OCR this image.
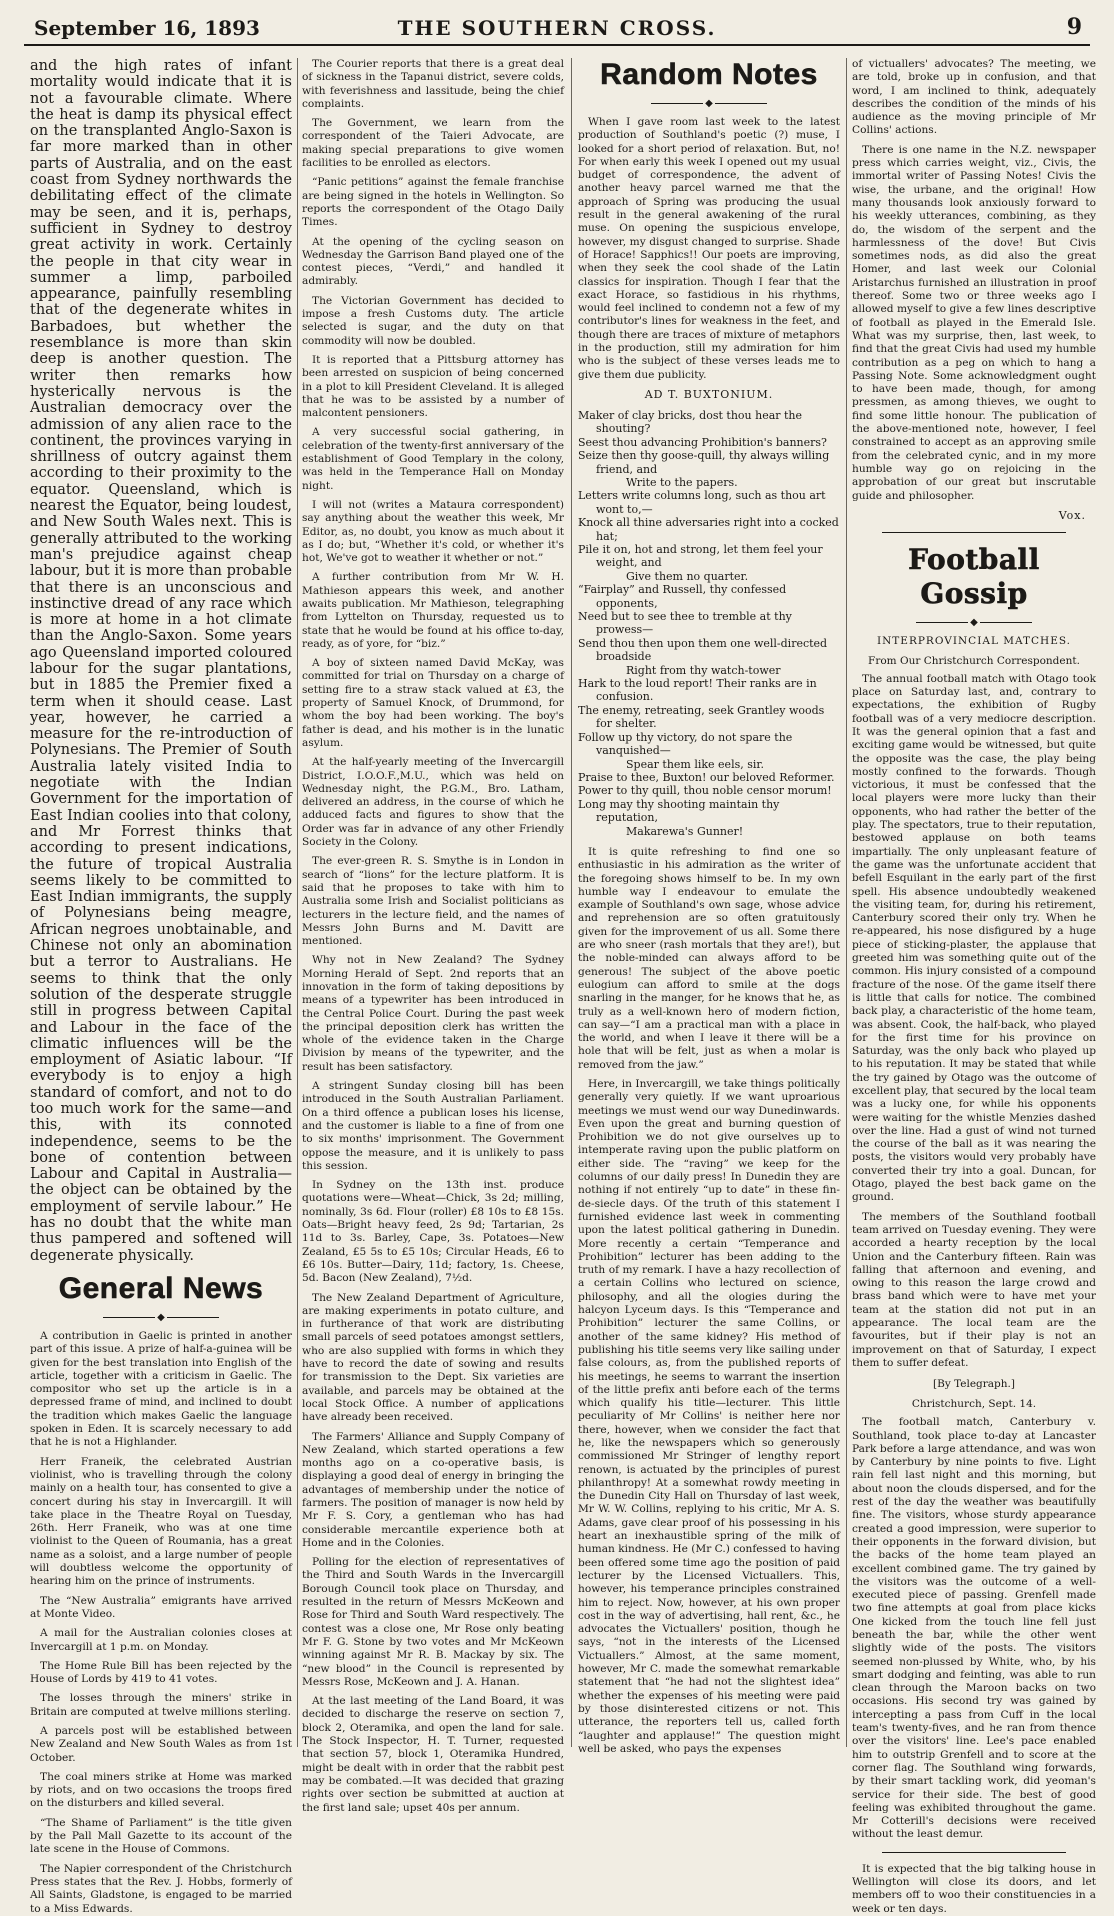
September 16, 1893	THE SOUTHERN CROSS.	9

and the high rates of infant mortality would indicate that it is not a favourable climate. Where the heat is damp its physical effect on the transplanted Anglo-Saxon is far more marked than in other parts of Australia, and on the east coast from Sydney northwards the debilitating effect of the climate may be seen, and it is, perhaps, sufficient in Sydney to destroy great activity in work. Certainly the people in that city wear in summer a limp, parboiled appearance, painfully resembling that of the degenerate whites in Barbadoes, but whether the resemblance is more than skin deep is another question. The writer then remarks how hysterically nervous is the Australian democracy over the admission of any alien race to the continent, the provinces varying in shrillness of outcry against them according to their proximity to the equator. Queensland, which is nearest the Equator, being loudest, and New South Wales next. This is generally attributed to the working man's prejudice against cheap labour, but it is more than probable that there is an unconscious and instinctive dread of any race which is more at home in a hot climate than the Anglo-Saxon. Some years ago Queensland imported coloured labour for the sugar plantations, but in 1885 the Premier fixed a term when it should cease. Last year, however, he carried a measure for the re-introduction of Polynesians. The Premier of South Australia lately visited India to negotiate with the Indian Government for the importation of East Indian coolies into that colony, and Mr Forrest thinks that according to present indications, the future of tropical Australia seems likely to be committed to East Indian immigrants, the supply of Polynesians being meagre, African negroes unobtainable, and Chinese not only an abomination but a terror to Australians. He seems to think that the only solution of the desperate struggle still in progress between Capital and Labour in the face of the climatic influences will be the employment of Asiatic labour. “If everybody is to enjoy a high standard of comfort, and not to do too much work for the same—and this, with its connoted independence, seems to be the bone of contention between Labour and Capital in Australia—the object can be obtained by the employment of servile labour.” He has no doubt that the white man thus pampered and softened will degenerate physically.

General News
◆

A contribution in Gaelic is printed in another part of this issue. A prize of half-a-guinea will be given for the best translation into English of the article, together with a criticism in Gaelic. The compositor who set up the article is in a depressed frame of mind, and inclined to doubt the tradition which makes Gaelic the language spoken in Eden. It is scarcely necessary to add that he is not a Highlander.

Herr Franeik, the celebrated Austrian violinist, who is travelling through the colony mainly on a health tour, has consented to give a concert during his stay in Invercargill. It will take place in the Theatre Royal on Tuesday, 26th. Herr Franeik, who was at one time violinist to the Queen of Roumania, has a great name as a soloist, and a large number of people will doubtless welcome the opportunity of hearing him on the prince of instruments.

The “New Australia” emigrants have arrived at Monte Video.

A mail for the Australian colonies closes at Invercargill at 1 p.m. on Monday.

The Home Rule Bill has been rejected by the House of Lords by 419 to 41 votes.

The losses through the miners' strike in Britain are computed at twelve millions sterling.

A parcels post will be established between New Zealand and New South Wales as from 1st October.

The coal miners strike at Home was marked by riots, and on two occasions the troops fired on the disturbers and killed several.

“The Shame of Parliament” is the title given by the Pall Mall Gazette to its account of the late scene in the House of Commons.

The Napier correspondent of the Christchurch Press states that the Rev. J. Hobbs, formerly of All Saints, Gladstone, is engaged to be married to a Miss Edwards.

The Courier reports that there is a great deal of sickness in the Tapanui district, severe colds, with feverishness and lassitude, being the chief complaints.

The Government, we learn from the correspondent of the Taieri Advocate, are making special preparations to give women facilities to be enrolled as electors.

“Panic petitions” against the female franchise are being signed in the hotels in Wellington. So reports the correspondent of the Otago Daily Times.

At the opening of the cycling season on Wednesday the Garrison Band played one of the contest pieces, “Verdi,” and handled it admirably.

The Victorian Government has decided to impose a fresh Customs duty. The article selected is sugar, and the duty on that commodity will now be doubled.

It is reported that a Pittsburg attorney has been arrested on suspicion of being concerned in a plot to kill President Cleveland. It is alleged that he was to be assisted by a number of malcontent pensioners.

A very successful social gathering, in celebration of the twenty-first anniversary of the establishment of Good Templary in the colony, was held in the Temperance Hall on Monday night.

I will not (writes a Mataura correspondent) say anything about the weather this week, Mr Editor, as, no doubt, you know as much about it as I do; but, “Whether it's cold, or whether it's hot, We've got to weather it whether or not.”

A further contribution from Mr W. H. Mathieson appears this week, and another awaits publication. Mr Mathieson, telegraphing from Lyttelton on Thursday, requested us to state that he would be found at his office to-day, ready, as of yore, for “biz.”

A boy of sixteen named David McKay, was committed for trial on Thursday on a charge of setting fire to a straw stack valued at £3, the property of Samuel Knock, of Drummond, for whom the boy had been working. The boy's father is dead, and his mother is in the lunatic asylum.

At the half-yearly meeting of the Invercargill District, I.O.O.F.,M.U., which was held on Wednesday night, the P.G.M., Bro. Latham, delivered an address, in the course of which he adduced facts and figures to show that the Order was far in advance of any other Friendly Society in the Colony.

The ever-green R. S. Smythe is in London in search of “lions” for the lecture platform. It is said that he proposes to take with him to Australia some Irish and Socialist politicians as lecturers in the lecture field, and the names of Messrs John Burns and M. Davitt are mentioned.

Why not in New Zealand? The Sydney Morning Herald of Sept. 2nd reports that an innovation in the form of taking depositions by means of a typewriter has been introduced in the Central Police Court. During the past week the principal deposition clerk has written the whole of the evidence taken in the Charge Division by means of the typewriter, and the result has been satisfactory.

A stringent Sunday closing bill has been introduced in the South Australian Parliament. On a third offence a publican loses his license, and the customer is liable to a fine of from one to six months' imprisonment. The Government oppose the measure, and it is unlikely to pass this session.

In Sydney on the 13th inst. produce quotations were—Wheat—Chick, 3s 2d; milling, nominally, 3s 6d. Flour (roller) £8 10s to £8 15s. Oats—Bright heavy feed, 2s 9d; Tartarian, 2s 11d to 3s. Barley, Cape, 3s. Potatoes—New Zealand, £5 5s to £5 10s; Circular Heads, £6 to £6 10s. Butter—Dairy, 11d; factory, 1s. Cheese, 5d. Bacon (New Zealand), 7½d.

The New Zealand Department of Agriculture, are making experiments in potato culture, and in furtherance of that work are distributing small parcels of seed potatoes amongst settlers, who are also supplied with forms in which they have to record the date of sowing and results for transmission to the Dept. Six varieties are available, and parcels may be obtained at the local Stock Office. A number of applications have already been received.

The Farmers' Alliance and Supply Company of New Zealand, which started operations a few months ago on a co-operative basis, is displaying a good deal of energy in bringing the advantages of membership under the notice of farmers. The position of manager is now held by Mr F. S. Cory, a gentleman who has had considerable mercantile experience both at Home and in the Colonies.

Polling for the election of representatives of the Third and South Wards in the Invercargill Borough Council took place on Thursday, and resulted in the return of Messrs McKeown and Rose for Third and South Ward respectively. The contest was a close one, Mr Rose only beating Mr F. G. Stone by two votes and Mr McKeown winning against Mr R. B. Mackay by six. The “new blood” in the Council is represented by Messrs Rose, McKeown and J. A. Hanan.

At the last meeting of the Land Board, it was decided to discharge the reserve on section 7, block 2, Oteramika, and open the land for sale. The Stock Inspector, H. T. Turner, requested that section 57, block 1, Oteramika Hundred, might be dealt with in order that the rabbit pest may be combated.—It was decided that grazing rights over section be submitted at auction at the first land sale; upset 40s per annum.

Random Notes
◆

When I gave room last week to the latest production of Southland's poetic (?) muse, I looked for a short period of relaxation. But, no! For when early this week I opened out my usual budget of correspondence, the advent of another heavy parcel warned me that the approach of Spring was producing the usual result in the general awakening of the rural muse. On opening the suspicious envelope, however, my disgust changed to surprise. Shade of Horace! Sapphics!! Our poets are improving, when they seek the cool shade of the Latin classics for inspiration. Though I fear that the exact Horace, so fastidious in his rhythms, would feel inclined to condemn not a few of my contributor's lines for weakness in the feet, and though there are traces of mixture of metaphors in the production, still my admiration for him who is the subject of these verses leads me to give them due publicity.

AD T. BUXTONIUM.
Maker of clay bricks, dost thou hear the shouting?
Seest thou advancing Prohibition's banners?
Seize then thy goose-quill, thy always willing friend, and
Write to the papers.
Letters write columns long, such as thou art wont to,—
Knock all thine adversaries right into a cocked hat;
Pile it on, hot and strong, let them feel your weight, and
Give them no quarter.
“Fairplay” and Russell, thy confessed opponents,
Need but to see thee to tremble at thy prowess—
Send thou then upon them one well-directed broadside
Right from thy watch-tower
Hark to the loud report! Their ranks are in confusion.
The enemy, retreating, seek Grantley woods for shelter.
Follow up thy victory, do not spare the vanquished—
Spear them like eels, sir.
Praise to thee, Buxton! our beloved Reformer.
Power to thy quill, thou noble censor morum!
Long may thy shooting maintain thy reputation,
Makarewa's Gunner!

It is quite refreshing to find one so enthusiastic in his admiration as the writer of the foregoing shows himself to be. In my own humble way I endeavour to emulate the example of Southland's own sage, whose advice and reprehension are so often gratuitously given for the improvement of us all. Some there are who sneer (rash mortals that they are!), but the noble-minded can always afford to be generous! The subject of the above poetic eulogium can afford to smile at the dogs snarling in the manger, for he knows that he, as truly as a well-known hero of modern fiction, can say—“I am a practical man with a place in the world, and when I leave it there will be a hole that will be felt, just as when a molar is removed from the jaw.”

Here, in Invercargill, we take things politically generally very quietly. If we want uproarious meetings we must wend our way Dunedinwards. Even upon the great and burning question of Prohibition we do not give ourselves up to intemperate raving upon the public platform on either side. The “raving” we keep for the columns of our daily press! In Dunedin they are nothing if not entirely “up to date” in these fin-de-siecle days. Of the truth of this statement I furnished evidence last week in commenting upon the latest political gathering in Dunedin. More recently a certain “Temperance and Prohibition” lecturer has been adding to the truth of my remark. I have a hazy recollection of a certain Collins who lectured on science, philosophy, and all the ologies during the halcyon Lyceum days. Is this “Temperance and Prohibition” lecturer the same Collins, or another of the same kidney? His method of publishing his title seems very like sailing under false colours, as, from the published reports of his meetings, he seems to warrant the insertion of the little prefix anti before each of the terms which qualify his title—lecturer. This little peculiarity of Mr Collins' is neither here nor there, however, when we consider the fact that he, like the newspapers which so generously commissioned Mr Stringer of lengthy report renown, is actuated by the principles of purest philanthropy! At a somewhat rowdy meeting in the Dunedin City Hall on Thursday of last week, Mr W. W. Collins, replying to his critic, Mr A. S. Adams, gave clear proof of his possessing in his heart an inexhaustible spring of the milk of human kindness. He (Mr C.) confessed to having been offered some time ago the position of paid lecturer by the Licensed Victuallers. This, however, his temperance principles constrained him to reject. Now, however, at his own proper cost in the way of advertising, hall rent, &c., he advocates the Victuallers' position, though he says, “not in the interests of the Licensed Victuallers.” Almost, at the same moment, however, Mr C. made the somewhat remarkable statement that “he had not the slightest idea” whether the expenses of his meeting were paid by those disinterested citizens or not. This utterance, the reporters tell us, called forth “laughter and applause!” The question might well be asked, who pays the expenses

of victuallers' advocates? The meeting, we are told, broke up in confusion, and that word, I am inclined to think, adequately describes the condition of the minds of his audience as the moving principle of Mr Collins' actions.

There is one name in the N.Z. newspaper press which carries weight, viz., Civis, the immortal writer of Passing Notes! Civis the wise, the urbane, and the original! How many thousands look anxiously forward to his weekly utterances, combining, as they do, the wisdom of the serpent and the harmlessness of the dove! But Civis sometimes nods, as did also the great Homer, and last week our Colonial Aristarchus furnished an illustration in proof thereof. Some two or three weeks ago I allowed myself to give a few lines descriptive of football as played in the Emerald Isle. What was my surprise, then, last week, to find that the great Civis had used my humble contribution as a peg on which to hang a Passing Note. Some acknowledgment ought to have been made, though, for among pressmen, as among thieves, we ought to find some little honour. The publication of the above-mentioned note, however, I feel constrained to accept as an approving smile from the celebrated cynic, and in my more humble way go on rejoicing in the approbation of our great but inscrutable guide and philosopher.

Vox.
Football Gossip
◆
INTERPROVINCIAL MATCHES.
From Our Christchurch Correspondent.

The annual football match with Otago took place on Saturday last, and, contrary to expectations, the exhibition of Rugby football was of a very mediocre description. It was the general opinion that a fast and exciting game would be witnessed, but quite the opposite was the case, the play being mostly confined to the forwards. Though victorious, it must be confessed that the local players were more lucky than their opponents, who had rather the better of the play. The spectators, true to their reputation, bestowed applause on both teams impartially. The only unpleasant feature of the game was the unfortunate accident that befell Esquilant in the early part of the first spell. His absence undoubtedly weakened the visiting team, for, during his retirement, Canterbury scored their only try. When he re-appeared, his nose disfigured by a huge piece of sticking-plaster, the applause that greeted him was something quite out of the common. His injury consisted of a compound fracture of the nose. Of the game itself there is little that calls for notice. The combined back play, a characteristic of the home team, was absent. Cook, the half-back, who played for the first time for his province on Saturday, was the only back who played up to his reputation. It may be stated that while the try gained by Otago was the outcome of excellent play, that secured by the local team was a lucky one, for while his opponents were waiting for the whistle Menzies dashed over the line. Had a gust of wind not turned the course of the ball as it was nearing the posts, the visitors would very probably have converted their try into a goal. Duncan, for Otago, played the best back game on the ground.

The members of the Southland football team arrived on Tuesday evening. They were accorded a hearty reception by the local Union and the Canterbury fifteen. Rain was falling that afternoon and evening, and owing to this reason the large crowd and brass band which were to have met your team at the station did not put in an appearance. The local team are the favourites, but if their play is not an improvement on that of Saturday, I expect them to suffer defeat.

[By Telegraph.]
Christchurch, Sept. 14.

The football match, Canterbury v. Southland, took place to-day at Lancaster Park before a large attendance, and was won by Canterbury by nine points to five. Light rain fell last night and this morning, but about noon the clouds dispersed, and for the rest of the day the weather was beautifully fine. The visitors, whose sturdy appearance created a good impression, were superior to their opponents in the forward division, but the backs of the home team played an excellent combined game. The try gained by the visitors was the outcome of a well-executed piece of passing. Grenfell made two fine attempts at goal from place kicks One kicked from the touch line fell just beneath the bar, while the other went slightly wide of the posts. The visitors seemed non-plussed by White, who, by his smart dodging and feinting, was able to run clean through the Maroon backs on two occasions. His second try was gained by intercepting a pass from Cuff in the local team's twenty-fives, and he ran from thence over the visitors' line. Lee's pace enabled him to outstrip Grenfell and to score at the corner flag. The Southland wing forwards, by their smart tackling work, did yeoman's service for their side. The best of good feeling was exhibited throughout the game. Mr Cotterill's decisions were received without the least demur.

It is expected that the big talking house in Wellington will close its doors, and let members off to woo their constituencies in a week or ten days.
